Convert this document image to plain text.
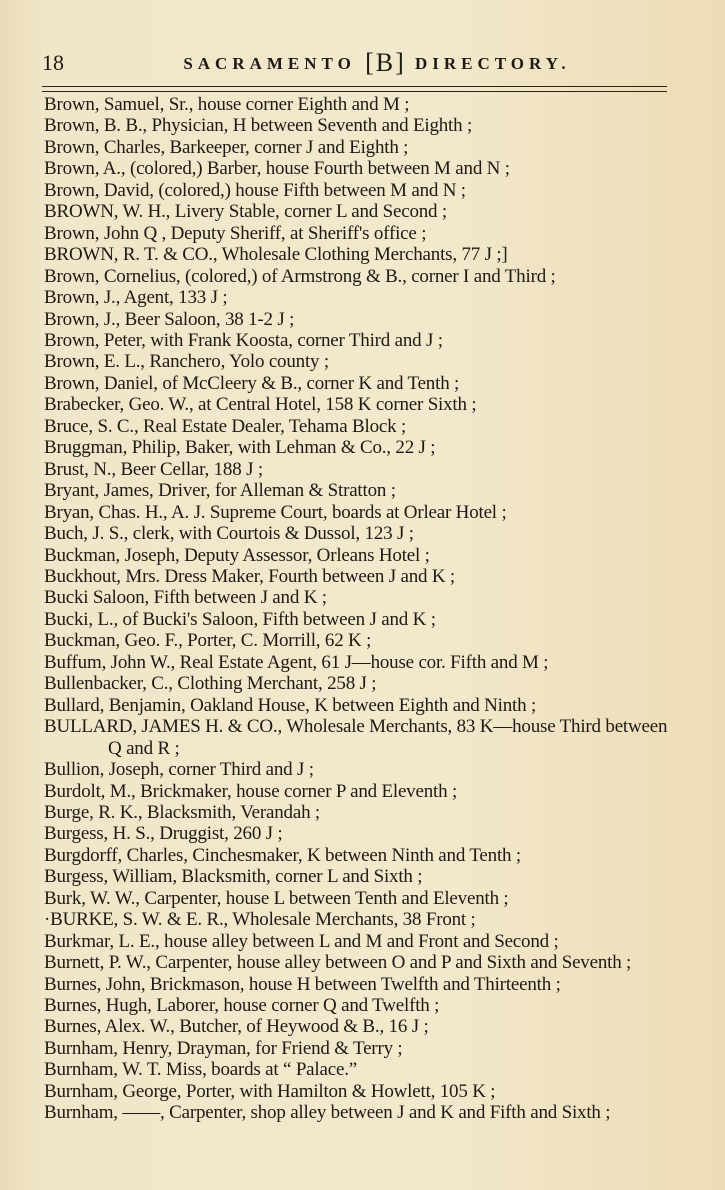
18	SACRAMENTO [B] DIRECTORY.
Brown, Samuel, Sr., house corner Eighth and M ;
Brown, B. B., Physician, H between Seventh and Eighth ;
Brown, Charles, Barkeeper, corner J and Eighth ;
Brown, A., (colored,) Barber, house Fourth between M and N ;
Brown, David, (colored,) house Fifth between M and N ;
BROWN, W. H., Livery Stable, corner L and Second ;
Brown, John Q , Deputy Sheriff, at Sheriff's office ;
BROWN, R. T. & CO., Wholesale Clothing Merchants, 77 J ;]
Brown, Cornelius, (colored,) of Armstrong & B., corner I and Third ;
Brown, J., Agent, 133 J ;
Brown, J., Beer Saloon, 38 1-2 J ;
Brown, Peter, with Frank Koosta, corner Third and J ;
Brown, E. L., Ranchero, Yolo county ;
Brown, Daniel, of McCleery & B., corner K and Tenth ;
Brabecker, Geo. W., at Central Hotel, 158 K corner Sixth ;
Bruce, S. C., Real Estate Dealer, Tehama Block ;
Bruggman, Philip, Baker, with Lehman & Co., 22 J ;
Brust, N., Beer Cellar, 188 J ;
Bryant, James, Driver, for Alleman & Stratton ;
Bryan, Chas. H., A. J. Supreme Court, boards at Orlear Hotel ;
Buch, J. S., clerk, with Courtois & Dussol, 123 J ;
Buckman, Joseph, Deputy Assessor, Orleans Hotel ;
Buckhout, Mrs. Dress Maker, Fourth between J and K ;
Bucki Saloon, Fifth between J and K ;
Bucki, L., of Bucki's Saloon, Fifth between J and K ;
Buckman, Geo. F., Porter, C. Morrill, 62 K ;
Buffum, John W., Real Estate Agent, 61 J—house cor. Fifth and M ;
Bullenbacker, C., Clothing Merchant, 258 J ;
Bullard, Benjamin, Oakland House, K between Eighth and Ninth ;
BULLARD, JAMES H. & CO., Wholesale Merchants, 83 K—house Third between Q and R ;
Bullion, Joseph, corner Third and J ;
Burdolt, M., Brickmaker, house corner P and Eleventh ;
Burge, R. K., Blacksmith, Verandah ;
Burgess, H. S., Druggist, 260 J ;
Burgdorff, Charles, Cinchesmaker, K between Ninth and Tenth ;
Burgess, William, Blacksmith, corner L and Sixth ;
Burk, W. W., Carpenter, house L between Tenth and Eleventh ;
·BURKE, S. W. & E. R., Wholesale Merchants, 38 Front ;
Burkmar, L. E., house alley between L and M and Front and Second ;
Burnett, P. W., Carpenter, house alley between O and P and Sixth and Seventh ;
Burnes, John, Brickmason, house H between Twelfth and Thirteenth ;
Burnes, Hugh, Laborer, house corner Q and Twelfth ;
Burnes, Alex. W., Butcher, of Heywood & B., 16 J ;
Burnham, Henry, Drayman, for Friend & Terry ;
Burnham, W. T. Miss, boards at “ Palace.”
Burnham, George, Porter, with Hamilton & Howlett, 105 K ;
Burnham, ——, Carpenter, shop alley between J and K and Fifth and Sixth ;
